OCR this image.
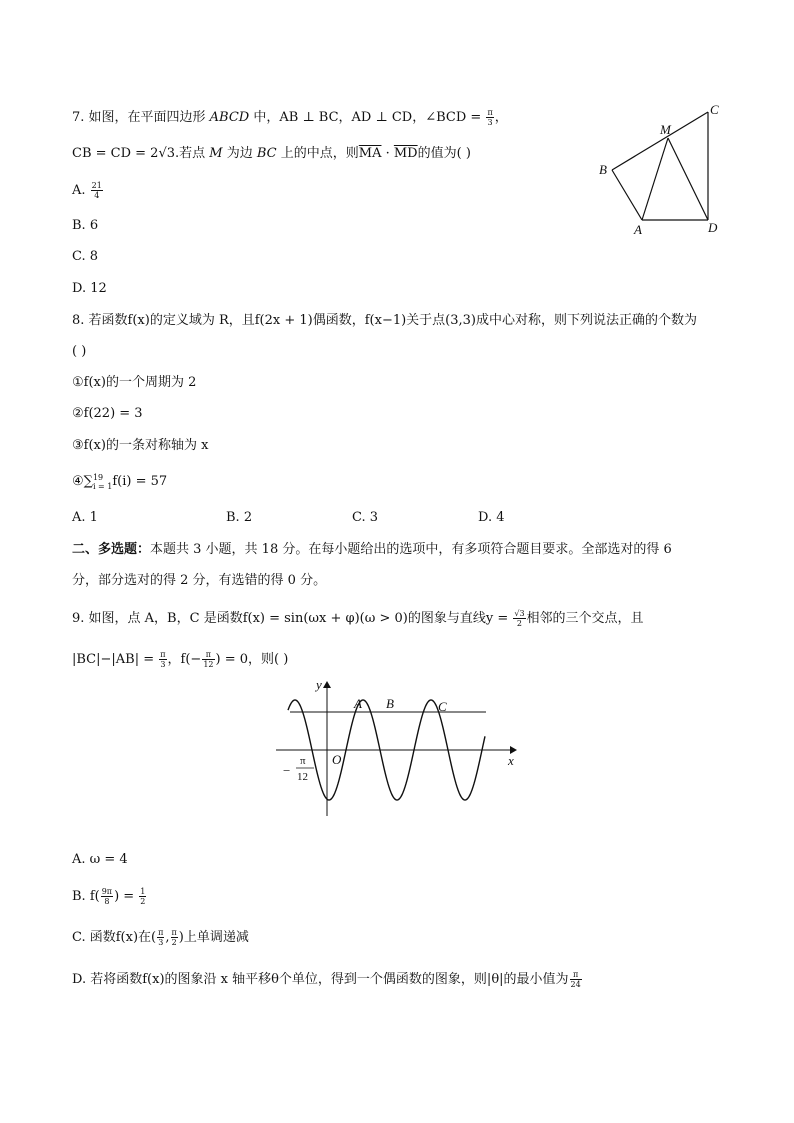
7. 如图，在平面四边形 ABCD 中，AB ⊥ BC，AD ⊥ CD，∠BCD = $\frac{\pi}{3}$ ，
CB = CD = 2√3.若点 M 为边 BC 上的中点，则$\overline{MA} \cdot \overline{MD}$的值为( )
A. $\frac{21}{4}$
B. 6
C. 8
D. 12
B
A	D
C
M
8. 若函数f(x)的定义域为 R，且f(2x + 1)偶函数，f(x−1)关于点(3,3)成中心对称，则下列说法正确的个数为
( )
①f(x)的一个周期为 2
②f(22) = 3
③f(x)的一条对称轴为 x
④∑ 19
i = 1 f(i) = 57
A. 1	B. 2	C. 3	D. 4
二、多选题：本题共 3 小题，共 18 分。在每小题给出的选项中，有多项符合题目要求。全部选对的得 6
分，部分选对的得 2 分，有选错的得 0 分。
9. 如图，点 A，B，C 是函数f(x) = sin(ωx + φ)(ω > 0)的图象与直线$y = \frac{√3}{2}$ 相邻的三个交点，且
$|BC|-|AB| = \frac{\pi}{3}$ ，$f(- \frac{\pi}{12}$ ) = 0，则( )
y
x
O
A B	C
−
π
12
A. ω = 4
B. $f( \frac{9\pi}{8}$ ) = $\frac{1}{2}$
C. 函数f(x)在( $\frac{\pi}{3}$ , $\frac{\pi}{2}$ )上单调递减
D. 若将函数f(x)的图象沿 x 轴平移θ个单位，得到一个偶函数的图象，则|θ|的最小值为 $\frac{\pi}{24}$
